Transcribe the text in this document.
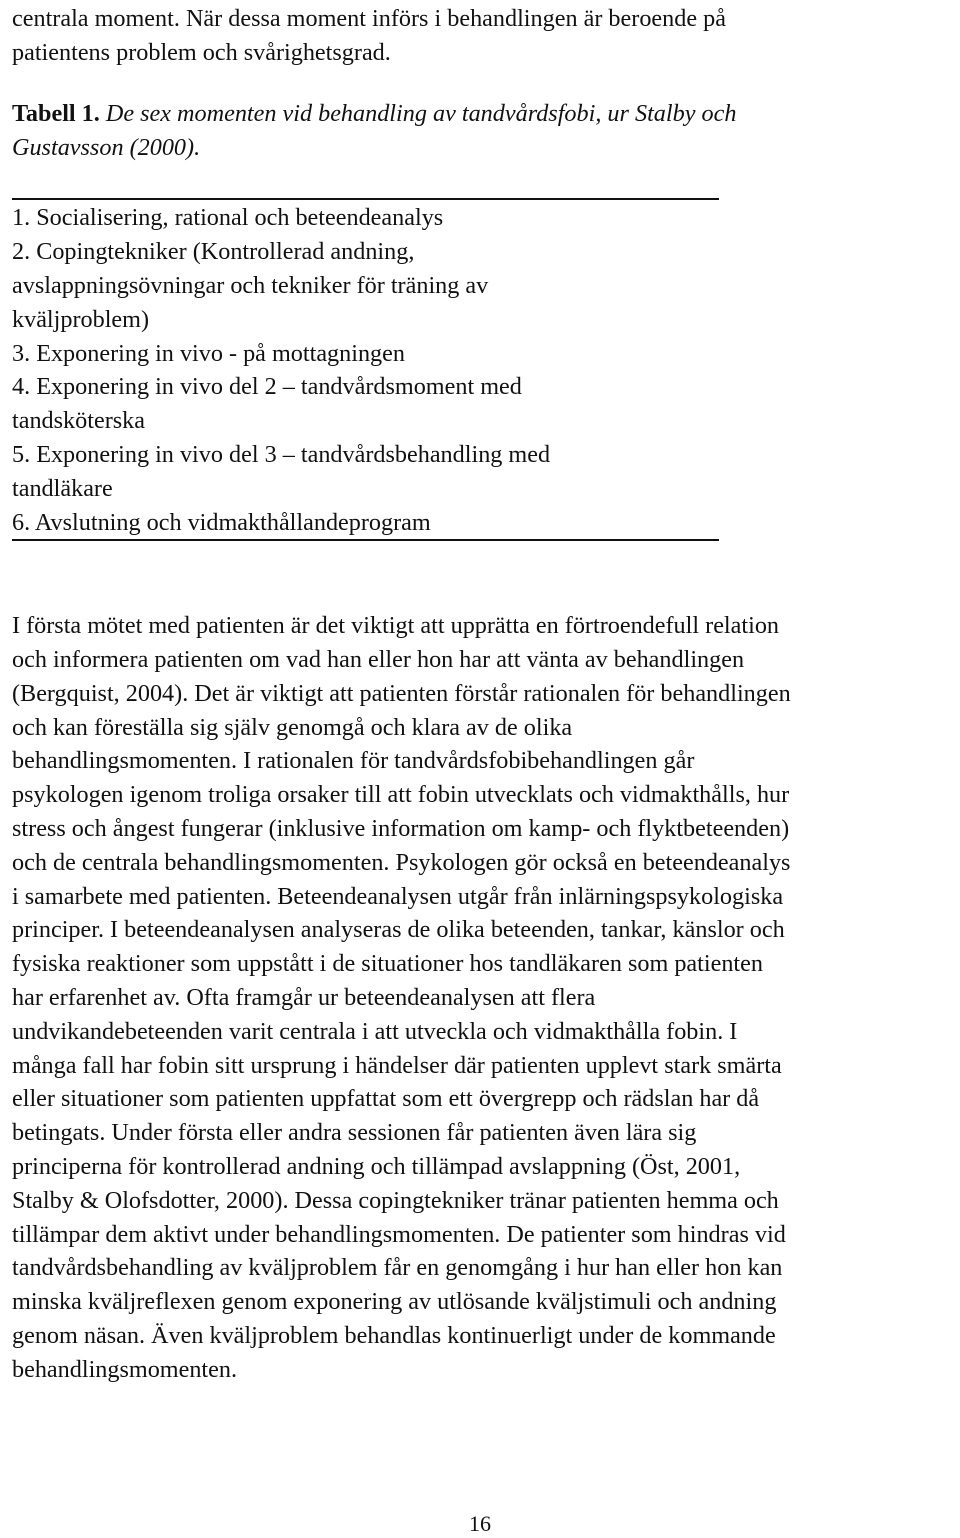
centrala moment. När dessa moment införs i behandlingen är beroende på
patientens problem och svårighetsgrad.
Tabell 1. De sex momenten vid behandling av tandvårdsfobi, ur Stalby och
Gustavsson (2000).
1. Socialisering, rational och beteendeanalys
2. Copingtekniker (Kontrollerad andning,
avslappningsövningar och tekniker för träning av
kväljproblem)
3. Exponering in vivo - på mottagningen
4. Exponering in vivo del 2 – tandvårdsmoment med
tandsköterska
5. Exponering in vivo del 3 – tandvårdsbehandling med
tandläkare
6. Avslutning och vidmakthållandeprogram
I första mötet med patienten är det viktigt att upprätta en förtroendefull relation
och informera patienten om vad han eller hon har att vänta av behandlingen
(Bergquist, 2004). Det är viktigt att patienten förstår rationalen för behandlingen
och kan föreställa sig själv genomgå och klara av de olika
behandlingsmomenten. I rationalen för tandvårdsfobibehandlingen går
psykologen igenom troliga orsaker till att fobin utvecklats och vidmakthålls, hur
stress och ångest fungerar (inklusive information om kamp- och flyktbeteenden)
och de centrala behandlingsmomenten. Psykologen gör också en beteendeanalys
i samarbete med patienten. Beteendeanalysen utgår från inlärningspsykologiska
principer. I beteendeanalysen analyseras de olika beteenden, tankar, känslor och
fysiska reaktioner som uppstått i de situationer hos tandläkaren som patienten
har erfarenhet av. Ofta framgår ur beteendeanalysen att flera
undvikandebeteenden varit centrala i att utveckla och vidmakthålla fobin. I
många fall har fobin sitt ursprung i händelser där patienten upplevt stark smärta
eller situationer som patienten uppfattat som ett övergrepp och rädslan har då
betingats. Under första eller andra sessionen får patienten även lära sig
principerna för kontrollerad andning och tillämpad avslappning (Öst, 2001,
Stalby & Olofsdotter, 2000). Dessa copingtekniker tränar patienten hemma och
tillämpar dem aktivt under behandlingsmomenten. De patienter som hindras vid
tandvårdsbehandling av kväljproblem får en genomgång i hur han eller hon kan
minska kväljreflexen genom exponering av utlösande kväljstimuli och andning
genom näsan. Även kväljproblem behandlas kontinuerligt under de kommande
behandlingsmomenten.
16
